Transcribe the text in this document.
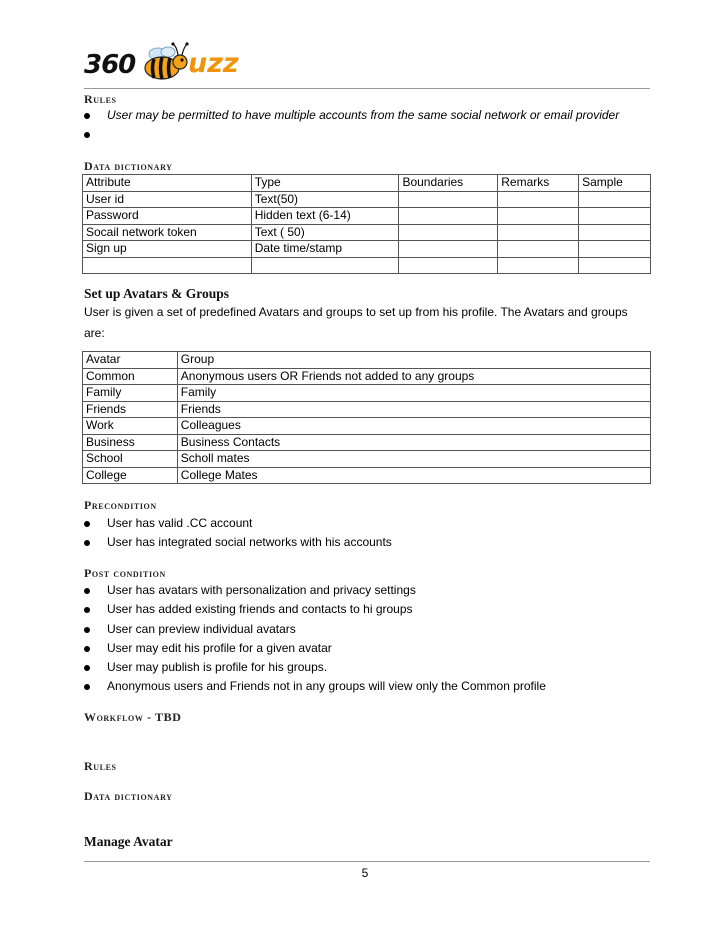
360 uzz
Rules
User may be permitted to have multiple accounts from the same social network or email provider
Data dictionary
Attribute	Type	Boundaries	Remarks	Sample
User id	Text(50)			
Password	Hidden text (6-14)			
Socail network token	Text ( 50)			
Sign up	Date time/stamp			

Set up Avatars & Groups
User is given a set of predefined Avatars and groups to set up from his profile. The Avatars and groups are:
Avatar	Group
Common	Anonymous users OR Friends not added to any groups
Family	Family
Friends	Friends
Work	Colleagues
Business	Business Contacts
School	Scholl mates
College	College Mates
Precondition
User has valid .CC account
User has integrated social networks with his accounts
Post condition
User has avatars with personalization and privacy settings
User has added existing friends and contacts to hi groups
User can preview individual avatars
User may edit his profile for a given avatar
User may publish is profile for his groups.
Anonymous users and Friends not in any groups will view only the Common profile
Workflow - TBD
Rules
Data dictionary
Manage Avatar
5
